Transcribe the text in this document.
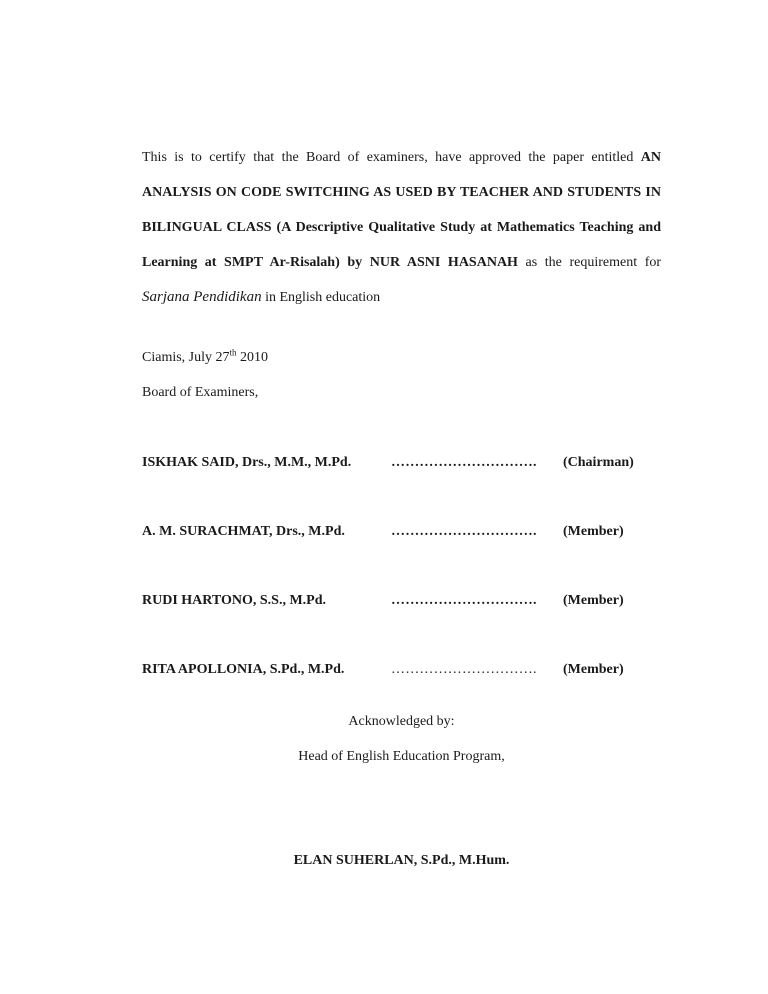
This is to certify that the Board of examiners, have approved the paper entitled AN ANALYSIS ON CODE SWITCHING AS USED BY TEACHER AND STUDENTS IN BILINGUAL CLASS (A Descriptive Qualitative Study at Mathematics Teaching and Learning at SMPT Ar-Risalah) by NUR ASNI HASANAH as the requirement for Sarjana Pendidikan in English education

Ciamis, July 27th 2010

Board of Examiners,

ISKHAK SAID, Drs., M.M., M.Pd.	…………………………. (Chairman)
A. M. SURACHMAT, Drs., M.Pd.	…………………………. (Member)
RUDI HARTONO, S.S., M.Pd.	…………………………. (Member)
RITA APOLLONIA, S.Pd., M.Pd.	…………………………. (Member)

Acknowledged by:

Head of English Education Program,

ELAN SUHERLAN, S.Pd., M.Hum.
